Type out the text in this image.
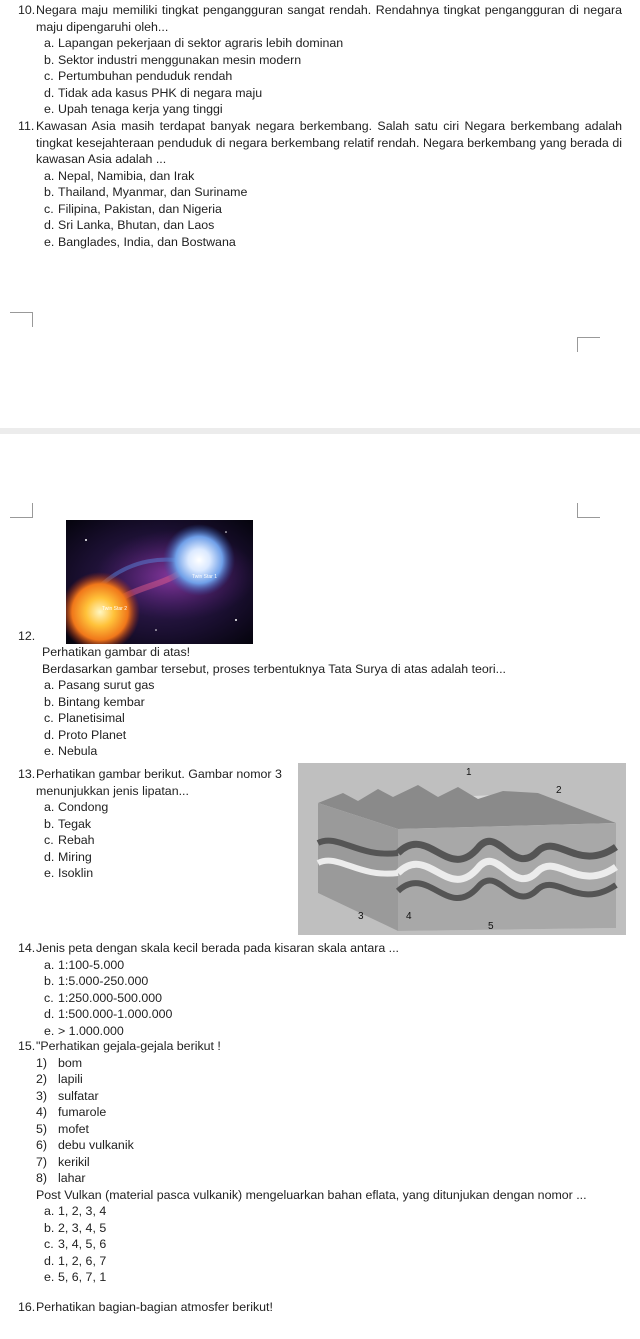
10. Negara maju memiliki tingkat pengangguran sangat rendah. Rendahnya tingkat pengangguran di negara maju dipengaruhi oleh...
a. Lapangan pekerjaan di sektor agraris lebih dominan
b. Sektor industri menggunakan mesin modern
c. Pertumbuhan penduduk rendah
d. Tidak ada kasus PHK di negara maju
e. Upah tenaga kerja yang tinggi
11. Kawasan Asia masih terdapat banyak negara berkembang. Salah satu ciri Negara berkembang adalah tingkat kesejahteraan penduduk di negara berkembang relatif rendah. Negara berkembang yang berada di kawasan Asia adalah ...
a. Nepal, Namibia, dan Irak
b. Thailand, Myanmar, dan Suriname
c. Filipina, Pakistan, dan Nigeria
d. Sri Lanka, Bhutan, dan Laos
e. Banglades, India, dan Bostwana
12.
Twin Star 1
Twin Star 2
Perhatikan gambar di atas!
Berdasarkan gambar tersebut, proses terbentuknya Tata Surya di atas adalah teori...
a. Pasang surut gas
b. Bintang kembar
c. Planetisimal
d. Proto Planet
e. Nebula
13. Perhatikan gambar berikut. Gambar nomor 3 menunjukkan jenis lipatan...
a. Condong
b. Tegak
c. Rebah
d. Miring
e. Isoklin
1
2
3	4
5
14. Jenis peta dengan skala kecil berada pada kisaran skala antara ...
a. 1:100-5.000
b. 1:5.000-250.000
c. 1:250.000-500.000
d. 1:500.000-1.000.000
e. > 1.000.000
15. "Perhatikan gejala-gejala berikut !
1) bom
2) lapili
3) sulfatar
4) fumarole
5) mofet
6) debu vulkanik
7) kerikil
8) lahar
Post Vulkan (material pasca vulkanik) mengeluarkan bahan eflata, yang ditunjukan dengan nomor ...
a. 1, 2, 3, 4
b. 2, 3, 4, 5
c. 3, 4, 5, 6
d. 1, 2, 6, 7
e. 5, 6, 7, 1
16. Perhatikan bagian-bagian atmosfer berikut!
